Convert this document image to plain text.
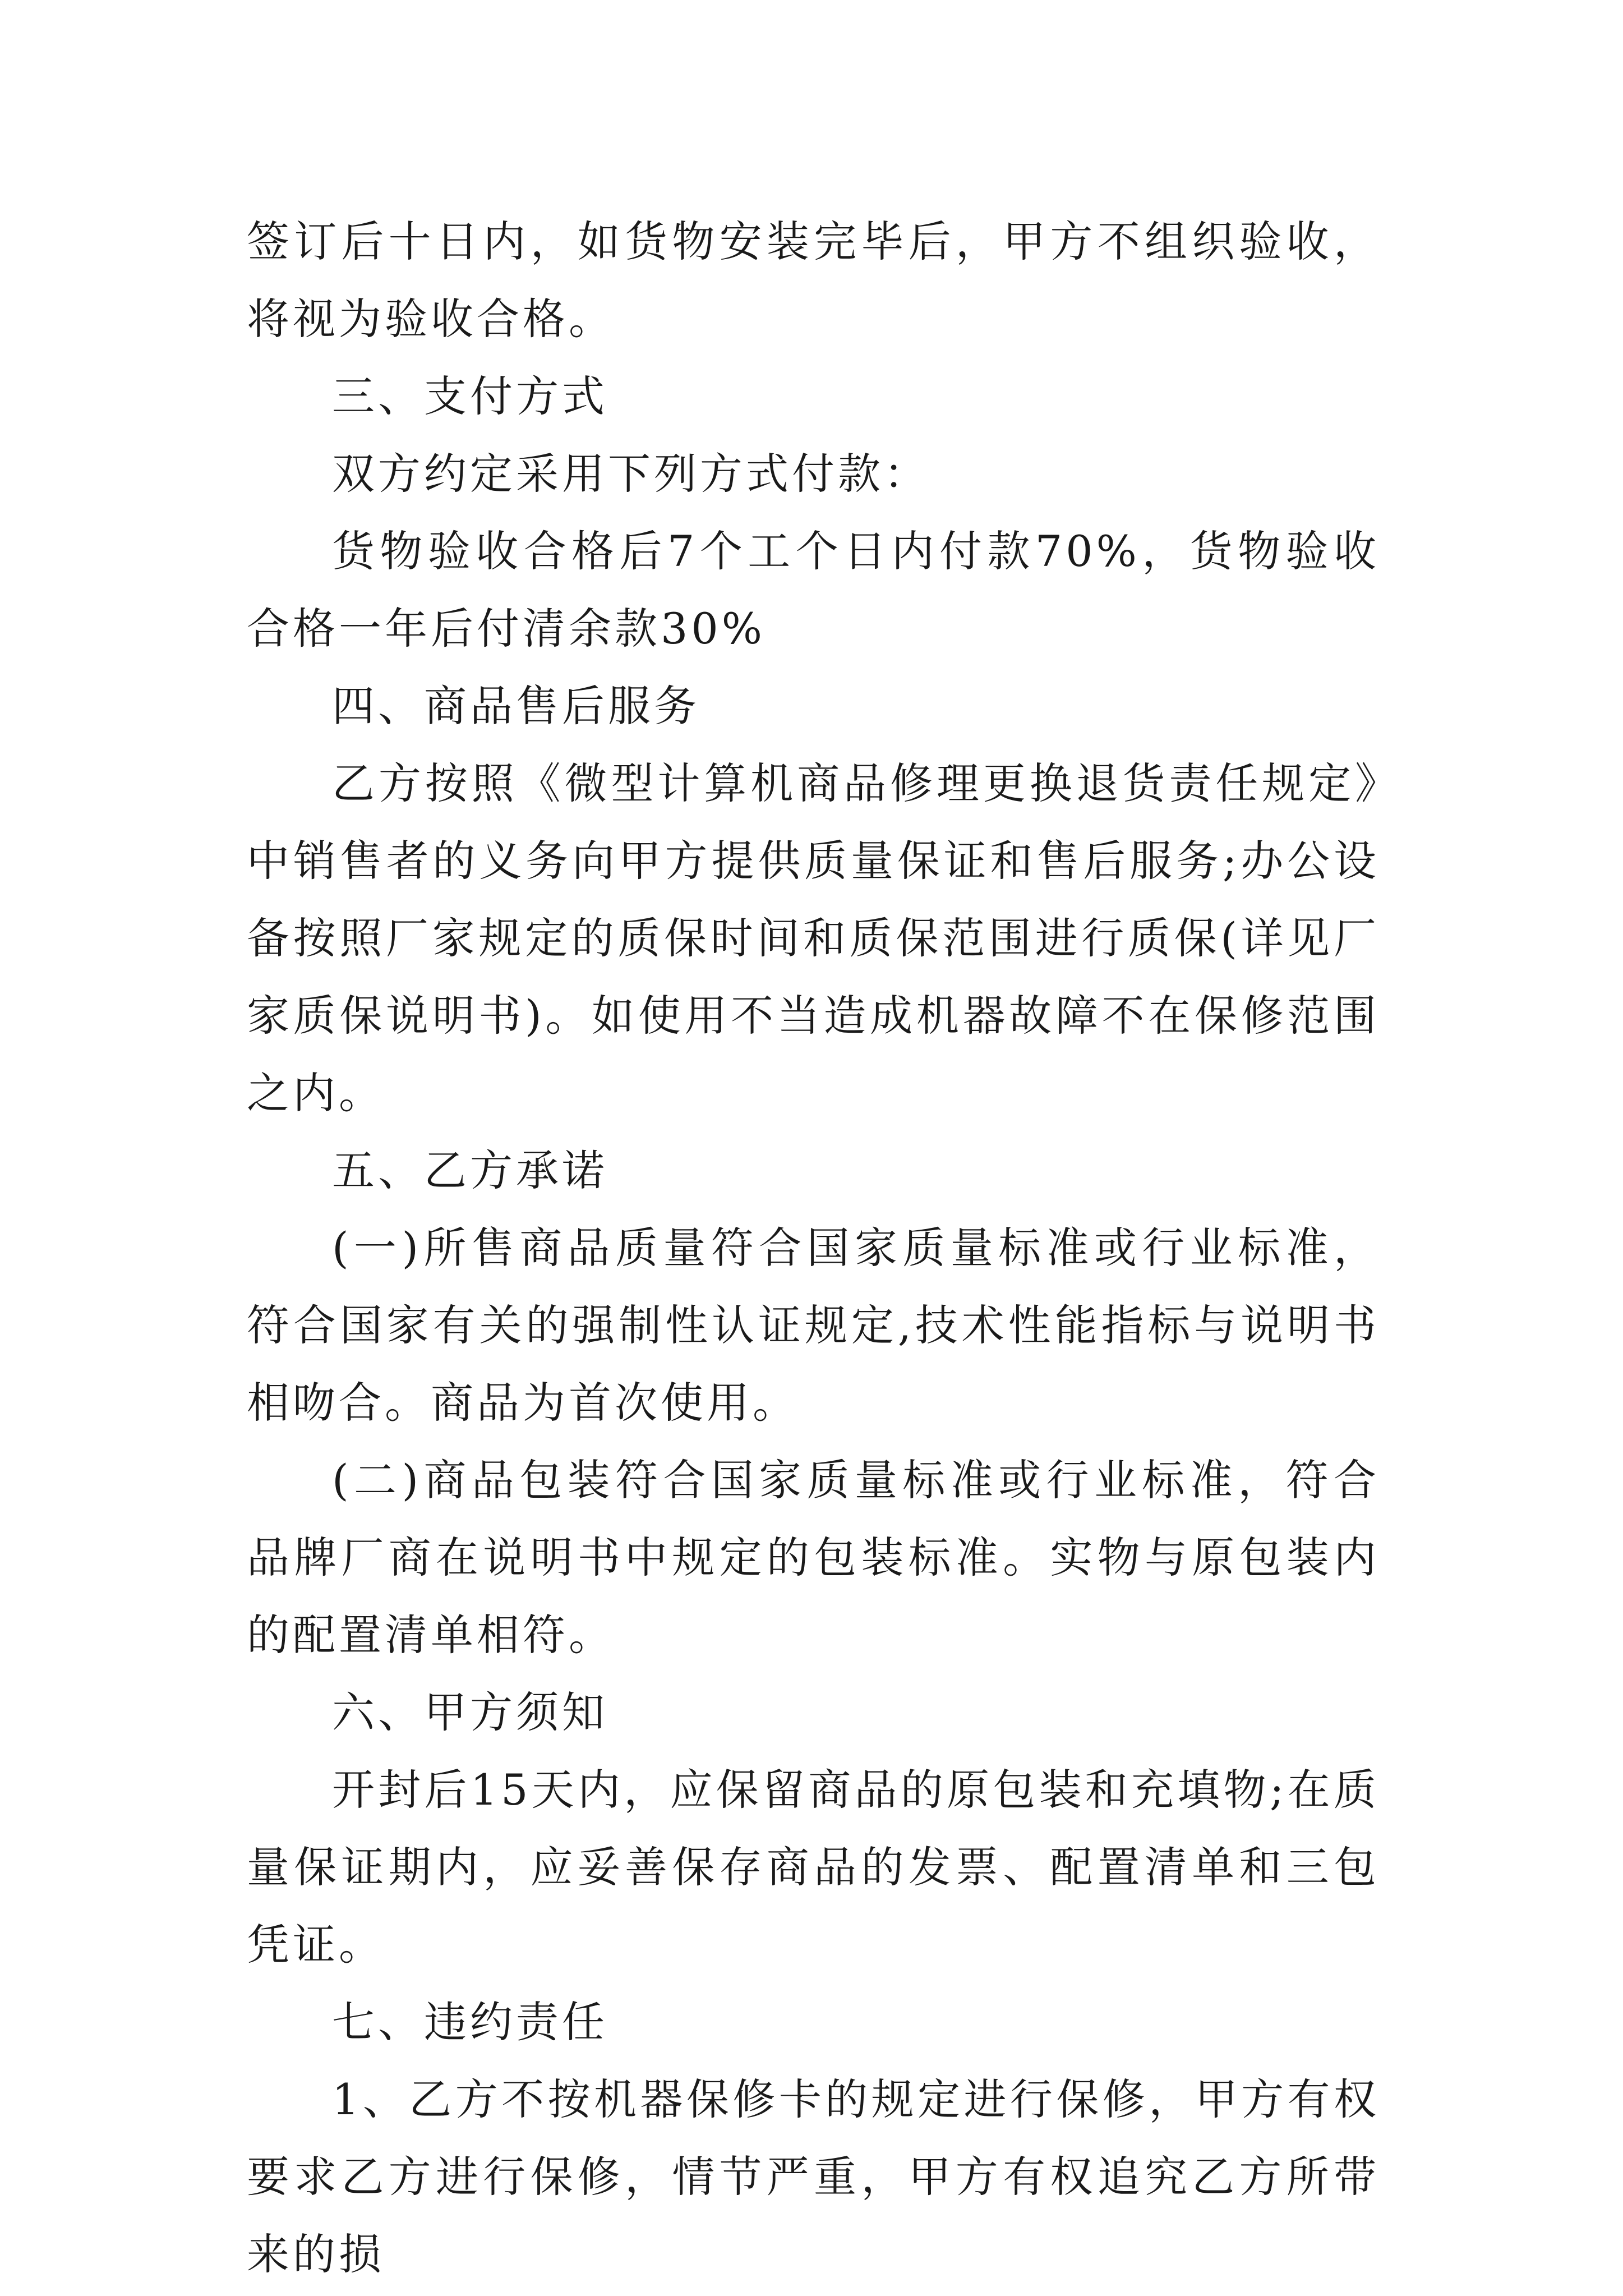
签订后十日内，如货物安装完毕后，甲方不组织验收，将视为验收合格。

三、支付方式

双方约定采用下列方式付款：

货物验收合格后7个工个日内付款70%，货物验收合格一年后付清余款30%

四、商品售后服务

乙方按照《微型计算机商品修理更换退货责任规定》中销售者的义务向甲方提供质量保证和售后服务;办公设备按照厂家规定的质保时间和质保范围进行质保(详见厂家质保说明书)。如使用不当造成机器故障不在保修范围之内。

五、乙方承诺

(一)所售商品质量符合国家质量标准或行业标准，符合国家有关的强制性认证规定,技术性能指标与说明书相吻合。商品为首次使用。

(二)商品包装符合国家质量标准或行业标准，符合品牌厂商在说明书中规定的包装标准。实物与原包装内的配置清单相符。

六、甲方须知

开封后15天内，应保留商品的原包装和充填物;在质量保证期内，应妥善保存商品的发票、配置清单和三包凭证。

七、违约责任

1、乙方不按机器保修卡的规定进行保修，甲方有权要求乙方进行保修，情节严重，甲方有权追究乙方所带来的损
